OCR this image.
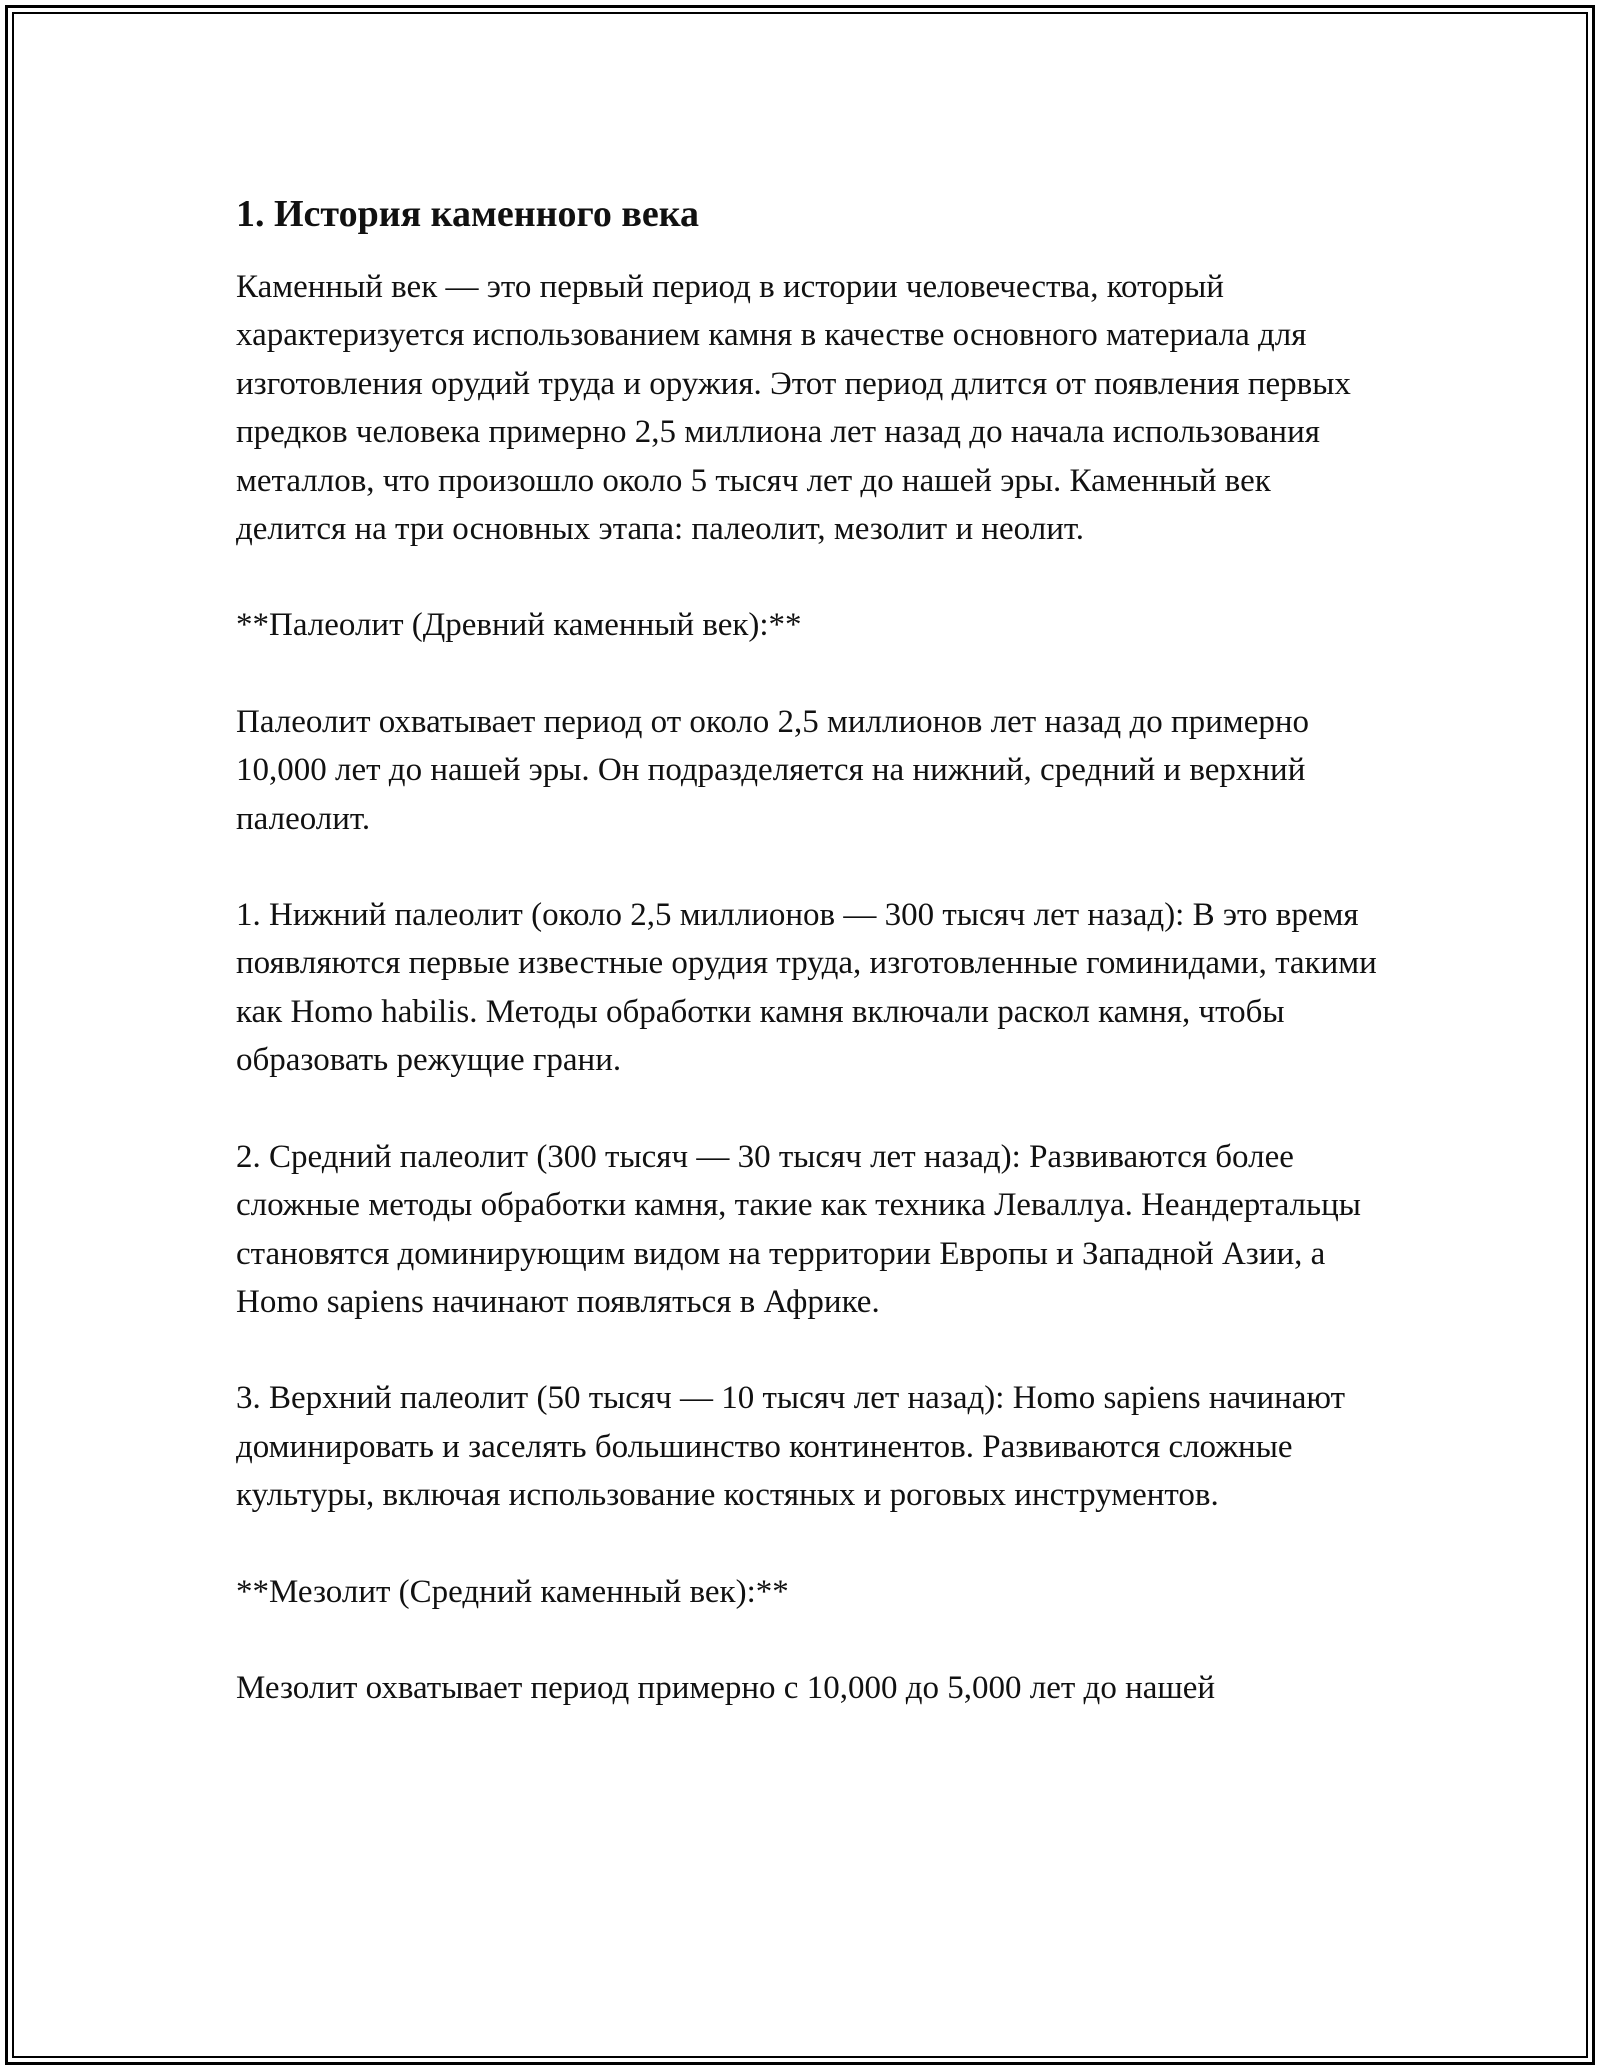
1. История каменного века

Каменный век — это первый период в истории человечества, который характеризуется использованием камня в качестве основного материала для изготовления орудий труда и оружия. Этот период длится от появления первых предков человека примерно 2,5 миллиона лет назад до начала использования металлов, что произошло около 5 тысяч лет до нашей эры. Каменный век делится на три основных этапа: палеолит, мезолит и неолит.

**Палеолит (Древний каменный век):**

Палеолит охватывает период от около 2,5 миллионов лет назад до примерно 10,000 лет до нашей эры. Он подразделяется на нижний, средний и верхний палеолит.

1. Нижний палеолит (около 2,5 миллионов — 300 тысяч лет назад): В это время появляются первые известные орудия труда, изготовленные гоминидами, такими как Homo habilis. Методы обработки камня включали раскол камня, чтобы образовать режущие грани.

2. Средний палеолит (300 тысяч — 30 тысяч лет назад): Развиваются более сложные методы обработки камня, такие как техника Леваллуа. Неандертальцы становятся доминирующим видом на территории Европы и Западной Азии, а Homo sapiens начинают появляться в Африке.

3. Верхний палеолит (50 тысяч — 10 тысяч лет назад): Homo sapiens начинают доминировать и заселять большинство континентов. Развиваются сложные культуры, включая использование костяных и роговых инструментов.

**Мезолит (Средний каменный век):**

Мезолит охватывает период примерно с 10,000 до 5,000 лет до нашей
